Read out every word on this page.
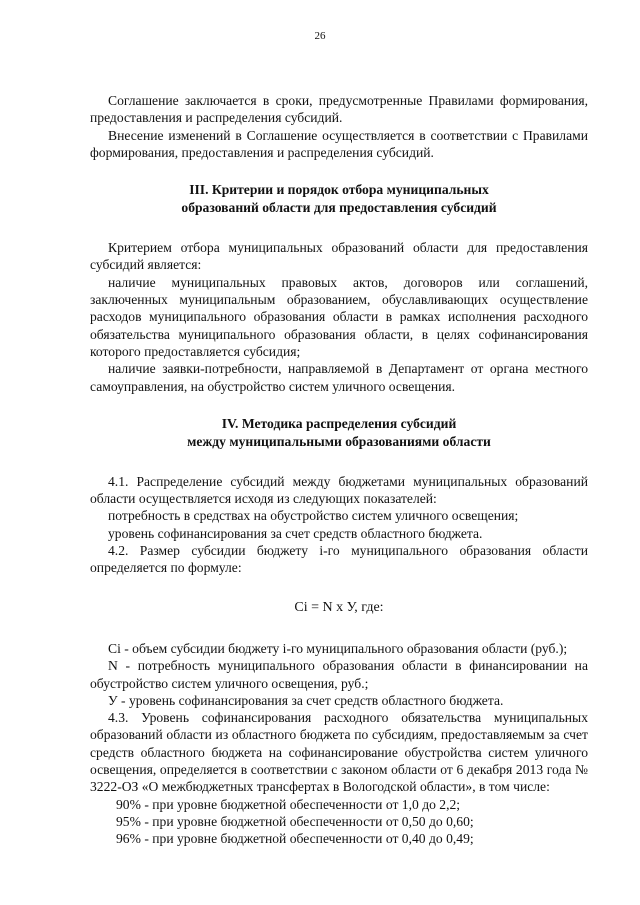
26

Соглашение заключается в сроки, предусмотренные Правилами формирования, предоставления и распределения субсидий.

Внесение изменений в Соглашение осуществляется в соответствии с Правилами формирования, предоставления и распределения субсидий.

III. Критерии и порядок отбора муниципальных
образований области для предоставления субсидий

Критерием отбора муниципальных образований области для предоставления субсидий является:

наличие муниципальных правовых актов, договоров или соглашений, заключенных муниципальным образованием, обуславливающих осуществление расходов муниципального образования области в рамках исполнения расходного обязательства муниципального образования области, в целях софинансирования которого предоставляется субсидия;

наличие заявки-потребности, направляемой в Департамент от органа местного самоуправления, на обустройство систем уличного освещения.

IV. Методика распределения субсидий
между муниципальными образованиями области

4.1. Распределение субсидий между бюджетами муниципальных образований области осуществляется исходя из следующих показателей:

потребность в средствах на обустройство систем уличного освещения;

уровень софинансирования за счет средств областного бюджета.

4.2. Размер субсидии бюджету i-го муниципального образования области определяется по формуле:

Ci = N x У, где:

Ci - объем субсидии бюджету i-го муниципального образования области (руб.);

N - потребность муниципального образования области в финансировании на обустройство систем уличного освещения, руб.;

У - уровень софинансирования за счет средств областного бюджета.

4.3. Уровень софинансирования расходного обязательства муниципальных образований области из областного бюджета по субсидиям, предоставляемым за счет средств областного бюджета на софинансирование обустройства систем уличного освещения, определяется в соответствии с законом области от 6 декабря 2013 года № 3222-ОЗ «О межбюджетных трансфертах в Вологодской области», в том числе:

90% - при уровне бюджетной обеспеченности от 1,0 до 2,2;

95% - при уровне бюджетной обеспеченности от 0,50 до 0,60;

96% - при уровне бюджетной обеспеченности от 0,40 до 0,49;
